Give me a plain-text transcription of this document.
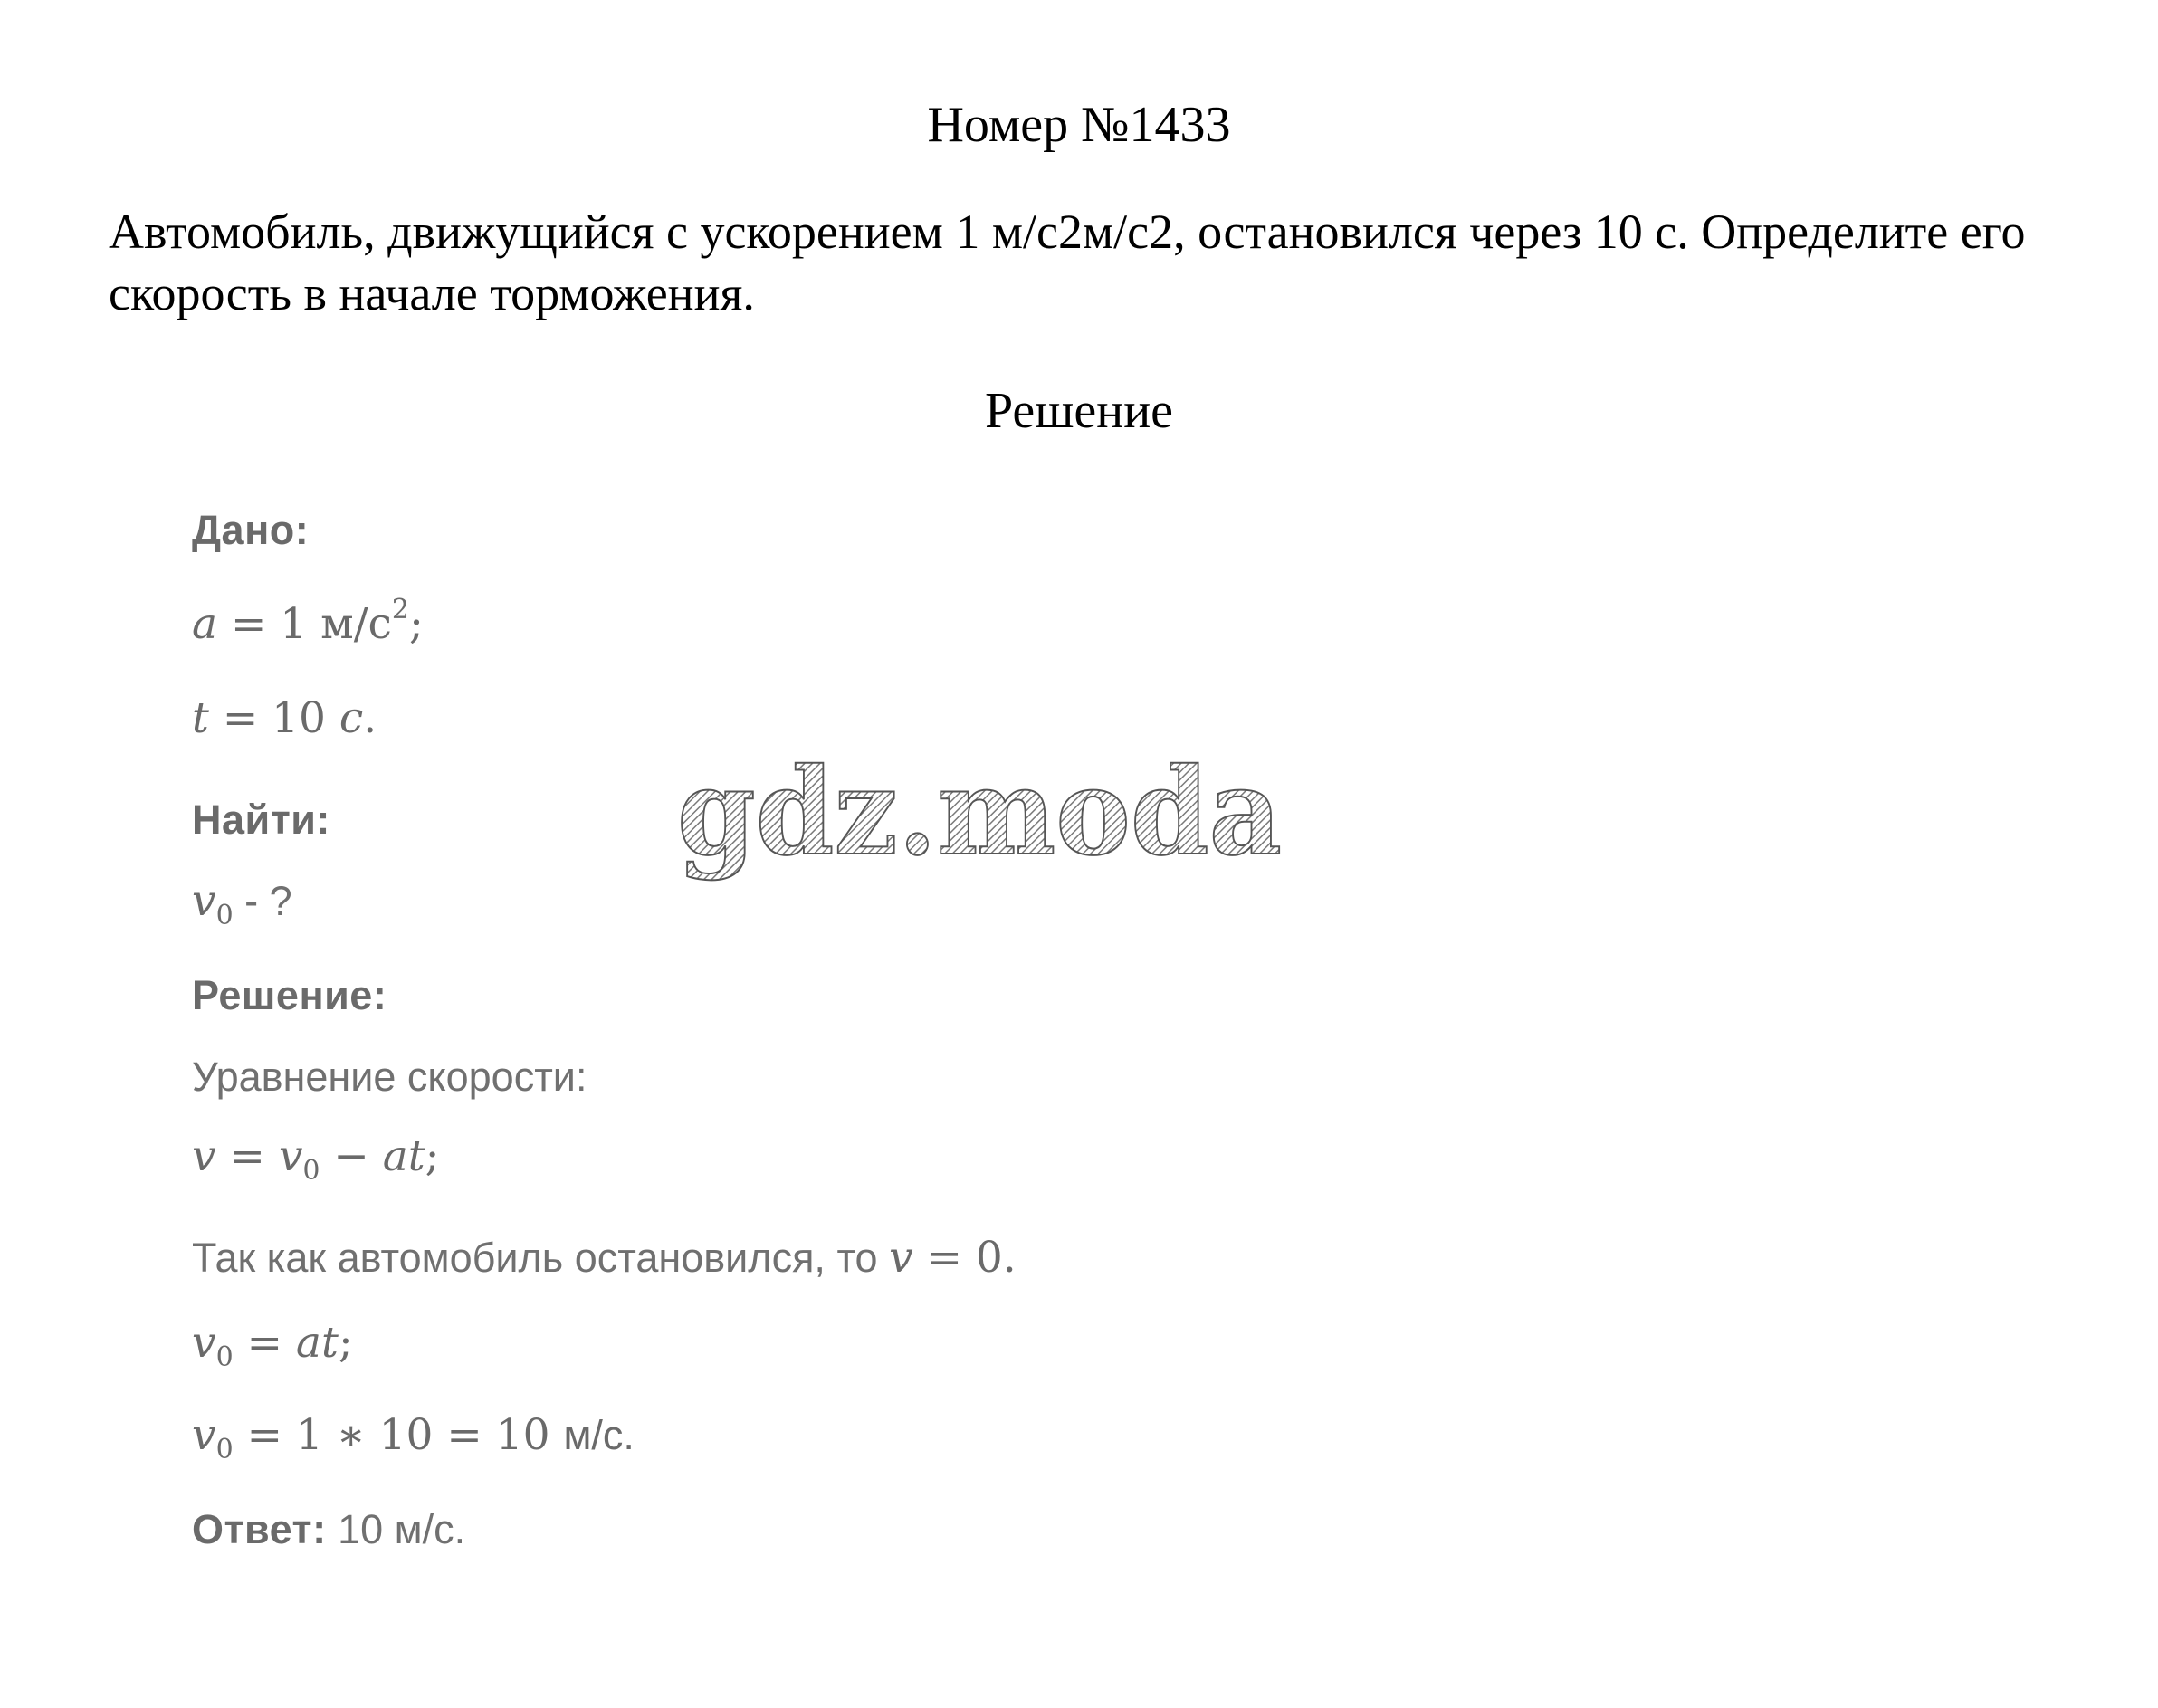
Номер №1433
Автомобиль, движущийся с ускорением 1 м/с2м/с2, остановился через 10 с. Определите его скорость в начале торможения.
Решение
Дано:
a = 1 $м/с^2$;
t = 10 c.
Найти:
$v_0$ - ?
Решение:
Уравнение скорости:
$v = v_0$ − at;
Так как автомобиль остановился, то v = 0.
$v_0$ = at;
$v_0 = 1$ ∗ 10 = 10 м/с.
Ответ: 10 м/с.
gdz.moda
